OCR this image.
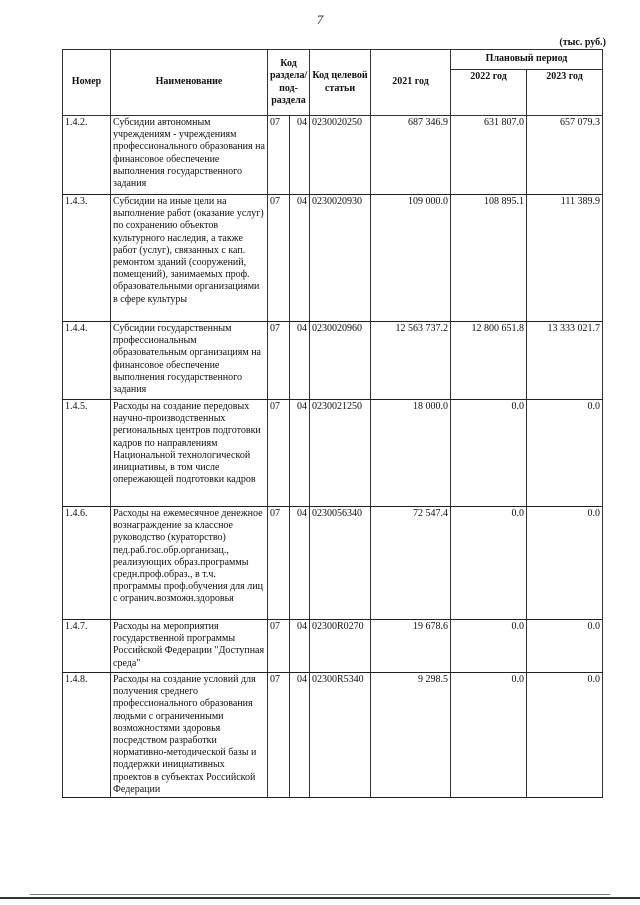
7
(тыс. руб.)
Номер	Наименование	Код раздела/ под- раздела		Код целевой статьи	2021 год	Плановый период	
						2022 год	2023 год
1.4.2.	Субсидии автономным учреждениям - учреждениям профессионального образования на финансовое обеспечение выполнения государственного задания	07	04	0230020250	687 346.9	631 807.0	657 079.3
1.4.3.	Субсидии на иные цели на выполнение работ (оказание услуг) по сохранению объектов культурного наследия, а также работ (услуг), связанных с кап. ремонтом зданий (сооружений, помещений), занимаемых проф. образовательными организациями в сфере культуры	07	04	0230020930	109 000.0	108 895.1	111 389.9
1.4.4.	Субсидии государственным профессиональным образовательным организациям на финансовое обеспечение выполнения государственного задания	07	04	0230020960	12 563 737.2	12 800 651.8	13 333 021.7
1.4.5.	Расходы на создание передовых научно-производственных региональных центров подготовки кадров по направлениям Национальной технологической инициативы, в том числе опережающей подготовки кадров	07	04	0230021250	18 000.0	0.0	0.0
1.4.6.	Расходы на ежемесячное денежное вознаграждение за классное руководство (кураторство) пед.раб.гос.обр.организац., реализующих образ.программы средн.проф.образ., в т.ч. программы проф.обучения для лиц с огранич.возможн.здоровья	07	04	0230056340	72 547.4	0.0	0.0
1.4.7.	Расходы на мероприятия государственной программы Российской Федерации "Доступная среда"	07	04	02300R0270	19 678.6	0.0	0.0
1.4.8.	Расходы на создание условий для получения среднего профессионального образования людьми с ограниченными возможностями здоровья посредством разработки нормативно-методической базы и поддержки инициативных проектов в субъектах Российской Федерации	07	04	02300R5340	9 298.5	0.0	0.0
